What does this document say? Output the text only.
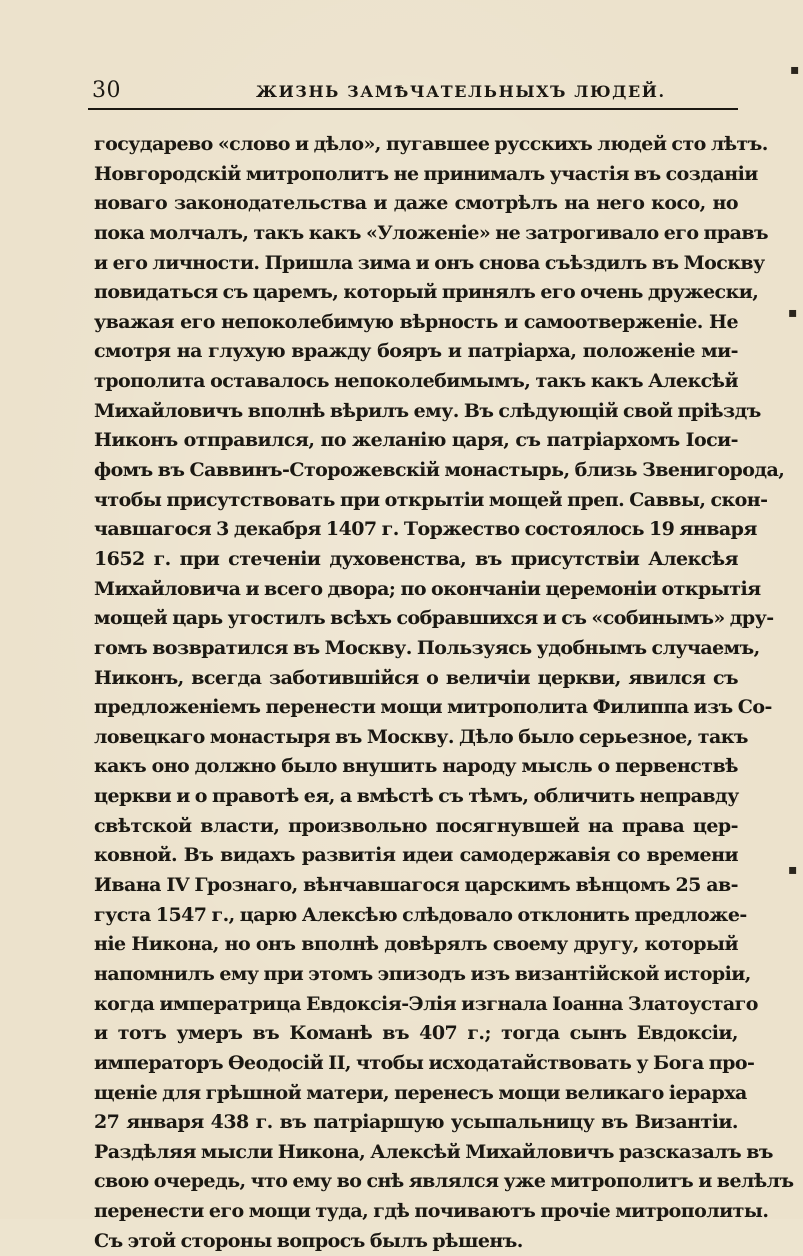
30	ЖИЗНЬ ЗАМѢЧАТЕЛЬНЫХЪ ЛЮДЕЙ.
государево «слово и дѣло», пугавшее русскихъ людей сто лѣтъ.
Новгородскій митрополитъ не принималъ участія въ созданіи
новаго законодательства и даже смотрѣлъ на него косо, но
пока молчалъ, такъ какъ «Уложеніе» не затрогивало его правъ
и его личности. Пришла зима и онъ снова съѣздилъ въ Москву
повидаться съ царемъ, который принялъ его очень дружески,
уважая его непоколебимую вѣрность и самоотверженіе. Не
смотря на глухую вражду бояръ и патріарха, положеніе ми-
трополита оставалось непоколебимымъ, такъ какъ Алексѣй
Михайловичъ вполнѣ вѣрилъ ему. Въ слѣдующій свой пріѣздъ
Никонъ отправился, по желанію царя, съ патріархомъ Іоси-
фомъ въ Саввинъ-Сторожевскій монастырь, близь Звенигорода,
чтобы присутствовать при открытіи мощей преп. Саввы, скон-
чавшагося 3 декабря 1407 г. Торжество состоялось 19 января
1652 г. при стеченіи духовенства, въ присутствіи Алексѣя
Михайловича и всего двора; по окончаніи церемоніи открытія
мощей царь угостилъ всѣхъ собравшихся и съ «собинымъ» дру-
гомъ возвратился въ Москву. Пользуясь удобнымъ случаемъ,
Никонъ, всегда заботившійся о величіи церкви, явился съ
предложеніемъ перенести мощи митрополита Филиппа изъ Со-
ловецкаго монастыря въ Москву. Дѣло было серьезное, такъ
какъ оно должно было внушить народу мысль о первенствѣ
церкви и о правотѣ ея, а вмѣстѣ съ тѣмъ, обличить неправду
свѣтской власти, произвольно посягнувшей на права цер-
ковной. Въ видахъ развитія идеи самодержавія со времени
Ивана IV Грознаго, вѣнчавшагося царскимъ вѣнцомъ 25 ав-
густа 1547 г., царю Алексѣю слѣдовало отклонить предложе-
ніе Никона, но онъ вполнѣ довѣрялъ своему другу, который
напомнилъ ему при этомъ эпизодъ изъ византійской исторіи,
когда императрица Евдоксія-Элія изгнала Іоанна Златоустаго
и тотъ умеръ въ Команѣ въ 407 г.; тогда сынъ Евдоксіи,
императоръ Ѳеодосій II, чтобы исходатайствовать у Бога про-
щеніе для грѣшной матери, перенесъ мощи великаго іерарха
27 января 438 г. въ патріаршую усыпальницу въ Византіи.
Раздѣляя мысли Никона, Алексѣй Михайловичъ разсказалъ въ
свою очередь, что ему во снѣ являлся уже митрополитъ и велѣлъ
перенести его мощи туда, гдѣ почиваютъ прочіе митрополиты.
Съ этой стороны вопросъ былъ рѣшенъ.
▪
▪
▪
